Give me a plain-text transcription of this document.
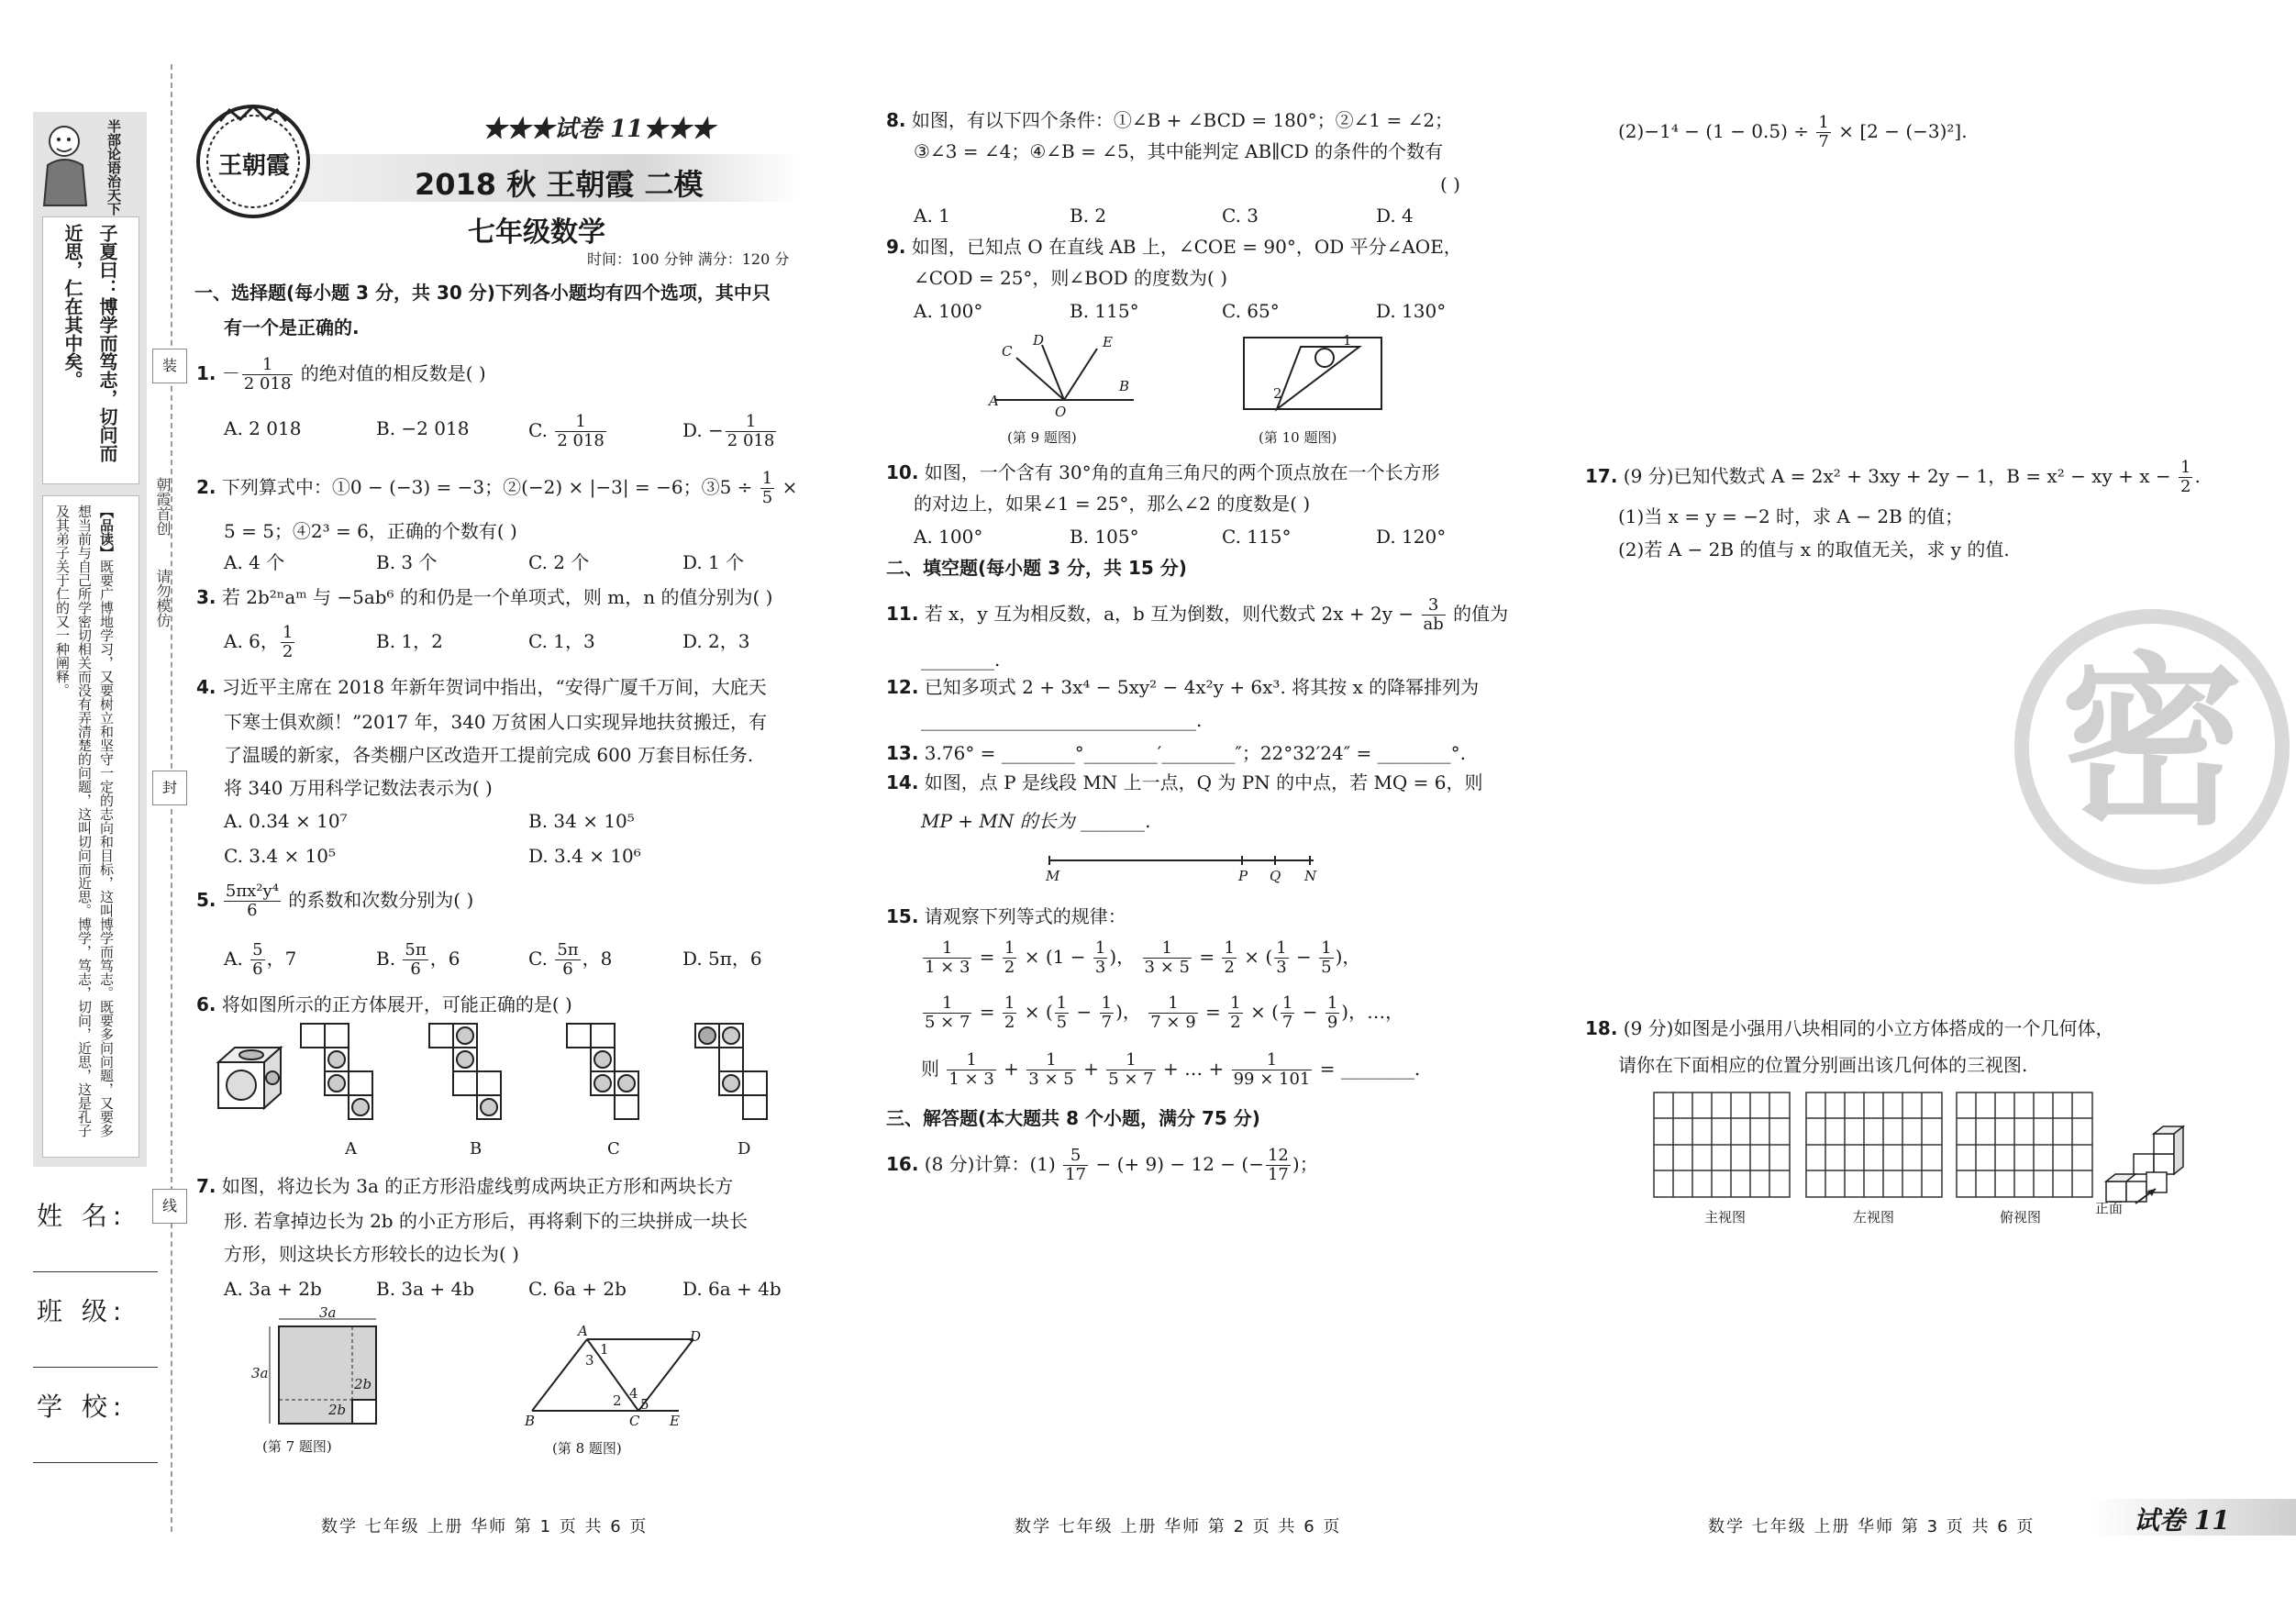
半部论语治天下
子夏曰：博学而笃志，切问而近思，仁在其中矣。
【品读】既要广博地学习，又要树立和坚守一定的志向和目标，这叫博学而笃志。既要多问问题，又要多想当前与自己所学密切相关而没有弄清楚的问题，这叫切问而近思。博学，笃志，切问，近思，这是孔子及其弟子关于仁的又一种阐释。
姓 名:
班 级:
学 校:
装
朝霞首创
请勿模仿
封
线
王朝霞
★★★试卷 11★★★
2018 秋 王朝霞 二模
七年级数学
时间：100 分钟 满分：120 分
一、选择题(每小题 3 分，共 30 分)下列各小题均有四个选项，其中只
有一个是正确的.
1. － $\frac{1}{2 018}$ 的绝对值的相反数是( )
A. 2 018	B. −2 018	C. $\frac{1}{2 018}$	D. − $\frac{1}{2 018}$
2. 下列算式中：①0 − (−3) = −3；②(−2) × |−3| = −6；③5 ÷ $\frac{1}{5}$ ×
5 = 5；④2³ = 6，正确的个数有( )
A. 4 个	B. 3 个	C. 2 个	D. 1 个
3. 若 2b²ⁿaᵐ 与 −5ab⁶ 的和仍是一个单项式，则 m，n 的值分别为( )
A. 6， $\frac{1}{2}$	B. 1，2	C. 1，3	D. 2，3
4. 习近平主席在 2018 年新年贺词中指出，“安得广厦千万间，大庇天
下寒士俱欢颜！”2017 年，340 万贫困人口实现异地扶贫搬迁，有
了温暖的新家，各类棚户区改造开工提前完成 600 万套目标任务.
将 340 万用科学记数法表示为( )
A. 0.34 × 10⁷	B. 34 × 10⁵
C. 3.4 × 10⁵	D. 3.4 × 10⁶
5. $\frac{\text{5πx²y⁴}}{6}$ 的系数和次数分别为( )
A. $\frac{5}{6}$ ，7	B. $\frac{5\pi}{6}$ ，6	C. $\frac{5\pi}{6}$ ，8	D. 5π，6
6. 将如图所示的正方体展开，可能正确的是( )
A	B	C	D
7. 如图，将边长为 3a 的正方形沿虚线剪成两块正方形和两块长方
形. 若拿掉边长为 2b 的小正方形后，再将剩下的三块拼成一块长
方形，则这块长方形较长的边长为( )
A. 3a + 2b	B. 3a + 4b	C. 6a + 2b	D. 6a + 4b
3a
3a
2b
2b
(第 7 题图)
A	D
B	C E
1
3
2 4
5
(第 8 题图)
数学 七年级 上册 华师 第 1 页 共 6 页
8. 如图，有以下四个条件：①∠B + ∠BCD = 180°；②∠1 = ∠2；
③∠3 = ∠4；④∠B = ∠5，其中能判定 AB∥CD 的条件的个数有
( )
A. 1	B. 2	C. 3	D. 4
9. 如图，已知点 O 在直线 AB 上，∠COE = 90°，OD 平分∠AOE，
∠COD = 25°，则∠BOD 的度数为( )
A. 100°	B. 115°	C. 65°	D. 130°
C
D	E
A
B
O
(第 9 题图)
1
2
(第 10 题图)
10. 如图，一个含有 30°角的直角三角尺的两个顶点放在一个长方形
的对边上，如果∠1 = 25°，那么∠2 的度数是( )
A. 100°	B. 105°	C. 115°	D. 120°
二、填空题(每小题 3 分，共 15 分)
11. 若 x，y 互为相反数，a，b 互为倒数，则代数式 $2x + 2y - \frac{3}{ab}$ 的值为
________.
12. 已知多项式 2 + 3x⁴ − 5xy² − 4x²y + 6x³. 将其按 x 的降幂排列为
______________________________.
13. 3.76° = ________°________′________″；22°32′24″ = ________°.
14. 如图，点 P 是线段 MN 上一点，Q 为 PN 的中点，若 MQ = 6，则
MP + MN 的长为 _______.
M	P Q N
15. 请观察下列等式的规律：
$\frac{1}{1 \times 3} = \frac{1}{2} \times (1 - \frac{1}{3}$ )， $\frac{1}{3 \times 5} = \frac{1}{2}$ × ( $\frac{1}{3} - \frac{1}{5}$ )，
$\frac{1}{5 \times 7} = \frac{1}{2}$ × ( $\frac{1}{5} - \frac{1}{7}$ )， $\frac{1}{7 \times 9} = \frac{1}{2}$ × ( $\frac{1}{7} - \frac{1}{9}$ )，…，
则 $\frac{1}{1 \times 3} + \frac{1}{3 \times 5} + \frac{1}{5 \times 7}$ + … + $\frac{1}{99 \times 101}$ = ________.
三、解答题(本大题共 8 个小题，满分 75 分)
16. (8 分)计算：$(1) \frac{5}{17}$ − (+ 9) − 12 − (− $\frac{12}{17}$ )；
数学 七年级 上册 华师 第 2 页 共 6 页
$(2)-1^4 - (1 - 0.5) \div \frac{1}{7} \times [2 - (-3)^2]$.
17. (9 分)已知代数式 A = 2x² + 3xy + 2y − 1，B = x² − xy + $x - \frac{1}{2}$ .
(1)当 x = y = −2 时，求 A − 2B 的值；
(2)若 A − 2B 的值与 x 的取值无关，求 y 的值.
密
18. (9 分)如图是小强用八块相同的小立方体搭成的一个几何体，
请你在下面相应的位置分别画出该几何体的三视图.
主视图	左视图	俯视图
正面
数学 七年级 上册 华师 第 3 页 共 6 页	试卷 11
